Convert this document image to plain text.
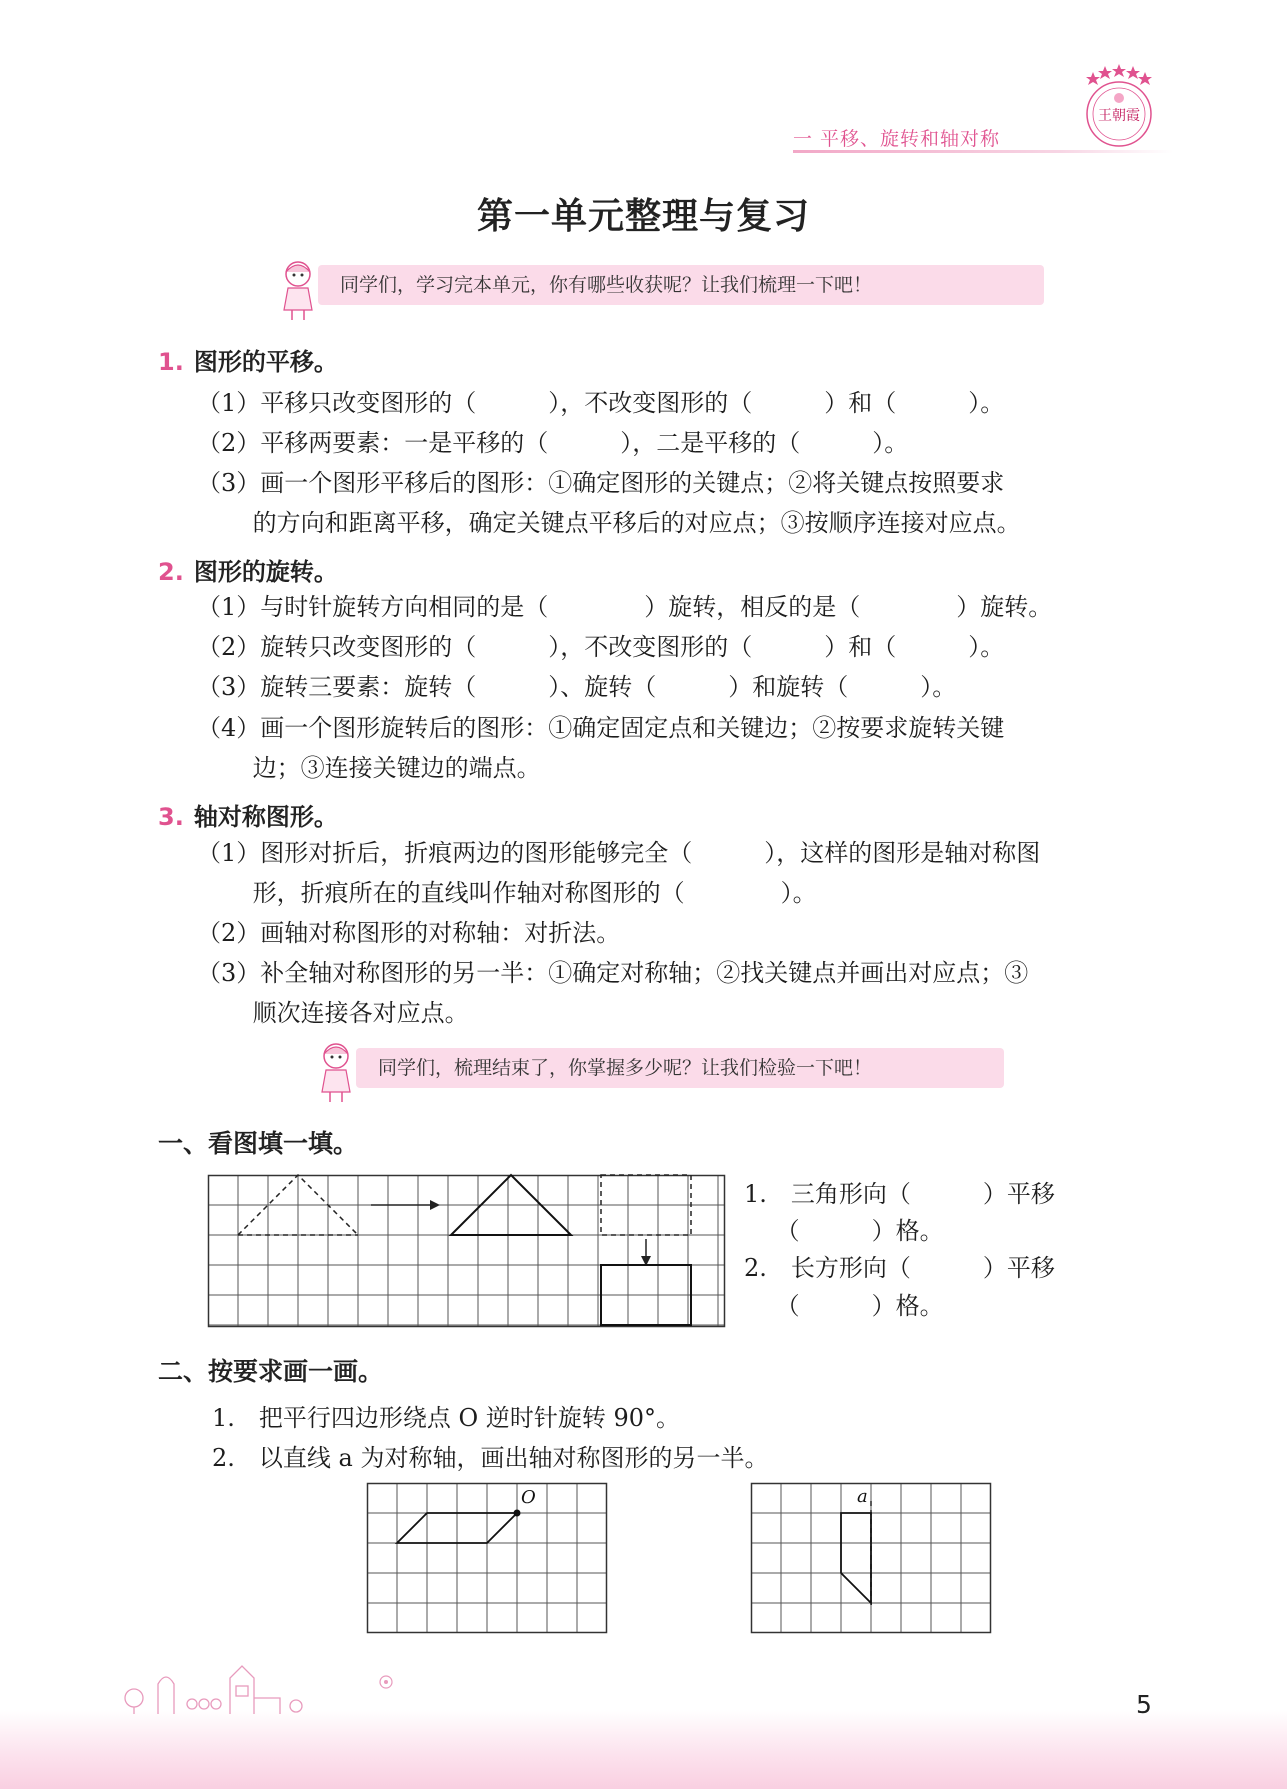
一 平移、旋转和轴对称
王朝霞
第一单元整理与复习
同学们，学习完本单元，你有哪些收获呢？让我们梳理一下吧！
1. 图形的平移。
（1）平移只改变图形的（　　　），不改变图形的（　　　）和（　　　）。
（2）平移两要素：一是平移的（　　　），二是平移的（　　　）。
（3）画一个图形平移后的图形：①确定图形的关键点；②将关键点按照要求
　　 的方向和距离平移，确定关键点平移后的对应点；③按顺序连接对应点。
2. 图形的旋转。
（1）与时针旋转方向相同的是（　　　　）旋转，相反的是（　　　　）旋转。
（2）旋转只改变图形的（　　　），不改变图形的（　　　）和（　　　）。
（3）旋转三要素：旋转（　　　）、旋转（　　　）和旋转（　　　）。
（4）画一个图形旋转后的图形：①确定固定点和关键边；②按要求旋转关键
　　 边；③连接关键边的端点。
3. 轴对称图形。
（1）图形对折后，折痕两边的图形能够完全（　　　），这样的图形是轴对称图
　　 形，折痕所在的直线叫作轴对称图形的（　　　　）。
（2）画轴对称图形的对称轴：对折法。
（3）补全轴对称图形的另一半：①确定对称轴；②找关键点并画出对应点；③
　　 顺次连接各对应点。
同学们，梳理结束了，你掌握多少呢？让我们检验一下吧！
一、看图填一填。
1.　三角形向（　　　）平移
　 （　　　）格。
2.　长方形向（　　　）平移
　 （　　　）格。
二、按要求画一画。
1.　把平行四边形绕点 O 逆时针旋转 90°。
2.　以直线 a 为对称轴，画出轴对称图形的另一半。
O	a
5
